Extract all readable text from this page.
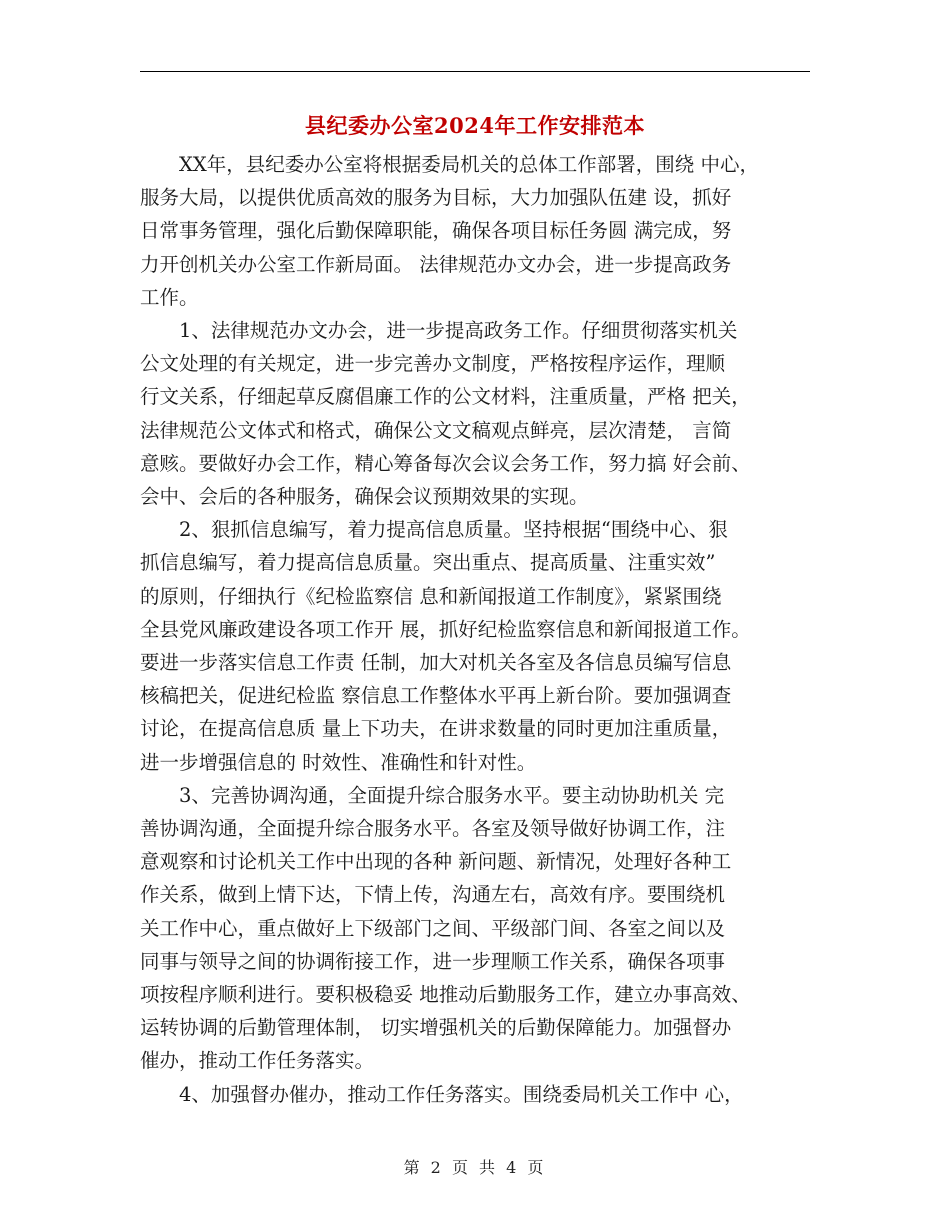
县纪委办公室2024年工作安排范本

　　XX年，县纪委办公室将根据委局机关的总体工作部署，围绕 中心，
服务大局，以提供优质高效的服务为目标，大力加强队伍建 设，抓好
日常事务管理，强化后勤保障职能，确保各项目标任务圆 满完成，努
力开创机关办公室工作新局面。 法律规范办文办会，进一步提高政务
工作。

　　1、法律规范办文办会，进一步提高政务工作。仔细贯彻落实机关
公文处理的有关规定，进一步完善办文制度，严格按程序运作，理顺
行文关系，仔细起草反腐倡廉工作的公文材料，注重质量，严格 把关，
法律规范公文体式和格式，确保公文文稿观点鲜亮，层次清楚， 言简
意赅。要做好办会工作，精心筹备每次会议会务工作，努力搞 好会前、
会中、会后的各种服务，确保会议预期效果的实现。

　　2、狠抓信息编写，着力提高信息质量。坚持根据“围绕中心、狠
抓信息编写，着力提高信息质量。突出重点、提高质量、注重实效”
的原则，仔细执行《纪检监察信 息和新闻报道工作制度》，紧紧围绕
全县党风廉政建设各项工作开 展，抓好纪检监察信息和新闻报道工作。
要进一步落实信息工作责 任制，加大对机关各室及各信息员编写信息
核稿把关，促进纪检监 察信息工作整体水平再上新台阶。要加强调查
讨论，在提高信息质 量上下功夫，在讲求数量的同时更加注重质量，
进一步增强信息的 时效性、准确性和针对性。

　　3、完善协调沟通，全面提升综合服务水平。要主动协助机关 完
善协调沟通，全面提升综合服务水平。各室及领导做好协调工作，注
意观察和讨论机关工作中出现的各种 新问题、新情况，处理好各种工
作关系，做到上情下达，下情上传，沟通左右，高效有序。要围绕机
关工作中心，重点做好上下级部门之间、平级部门间、各室之间以及
同事与领导之间的协调衔接工作，进一步理顺工作关系，确保各项事
项按程序顺利进行。要积极稳妥 地推动后勤服务工作，建立办事高效、
运转协调的后勤管理体制， 切实增强机关的后勤保障能力。加强督办
催办，推动工作任务落实。

　　4、加强督办催办，推动工作任务落实。围绕委局机关工作中 心，

第 2 页 共 4 页
